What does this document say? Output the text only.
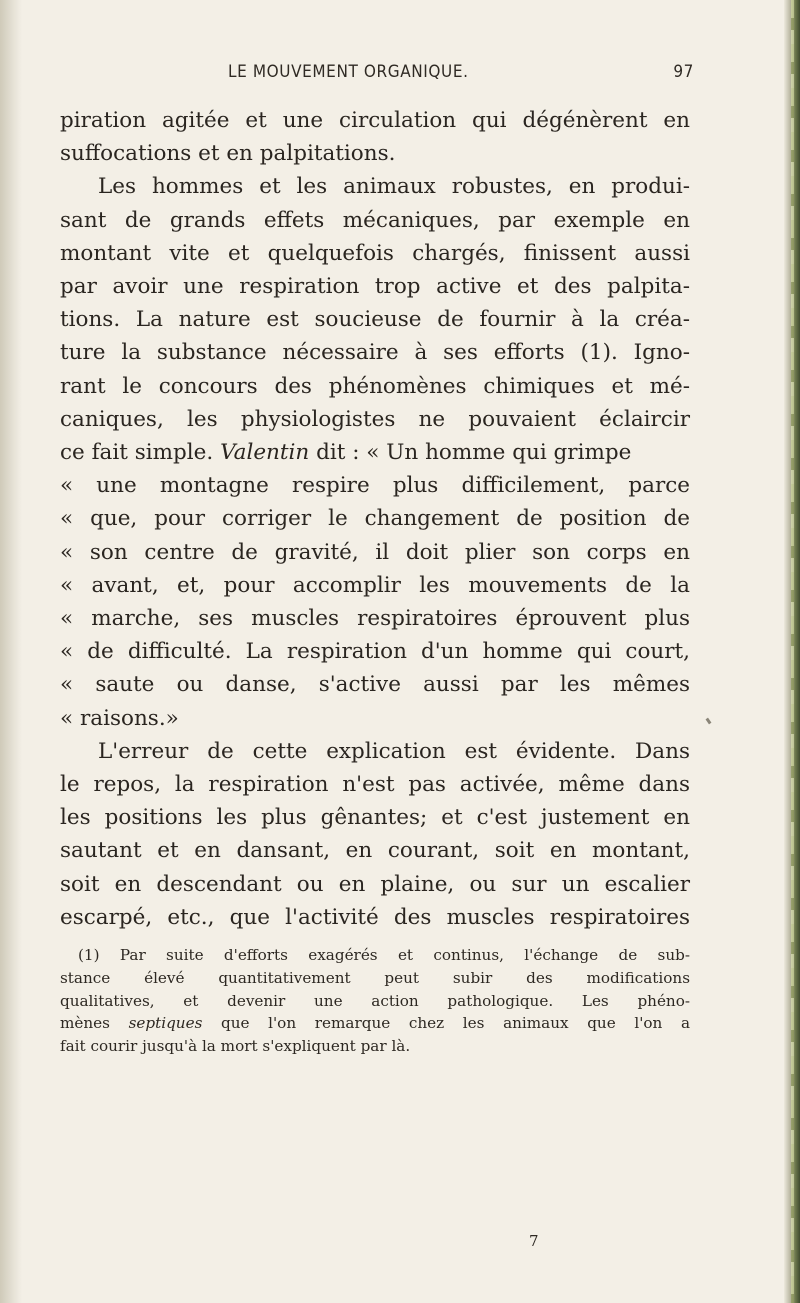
LE MOUVEMENT ORGANIQUE.	97
piration agitée et une circulation qui dégénèrent en
suffocations et en palpitations.
Les hommes et les animaux robustes, en produi-
sant de grands effets mécaniques, par exemple en
montant vite et quelquefois chargés, finissent aussi
par avoir une respiration trop active et des palpita-
tions. La nature est soucieuse de fournir à la créa-
ture la substance nécessaire à ses efforts (1). Igno-
rant le concours des phénomènes chimiques et mé-
caniques, les physiologistes ne pouvaient éclaircir
ce fait simple. Valentin dit : « Un homme qui grimpe
« une montagne respire plus difficilement, parce
« que, pour corriger le changement de position de
« son centre de gravité, il doit plier son corps en
« avant, et, pour accomplir les mouvements de la
« marche, ses muscles respiratoires éprouvent plus
« de difficulté. La respiration d'un homme qui court,
« saute ou danse, s'active aussi par les mêmes
« raisons.»
L'erreur de cette explication est évidente. Dans
le repos, la respiration n'est pas activée, même dans
les positions les plus gênantes; et c'est justement en
sautant et en dansant, en courant, soit en montant,
soit en descendant ou en plaine, ou sur un escalier
escarpé, etc., que l'activité des muscles respiratoires
(1) Par suite d'efforts exagérés et continus, l'échange de sub-
stance élevé quantitativement peut subir des modifications
qualitatives, et devenir une action pathologique. Les phéno-
mènes septiques que l'on remarque chez les animaux que l'on a
fait courir jusqu'à la mort s'expliquent par là.
7
